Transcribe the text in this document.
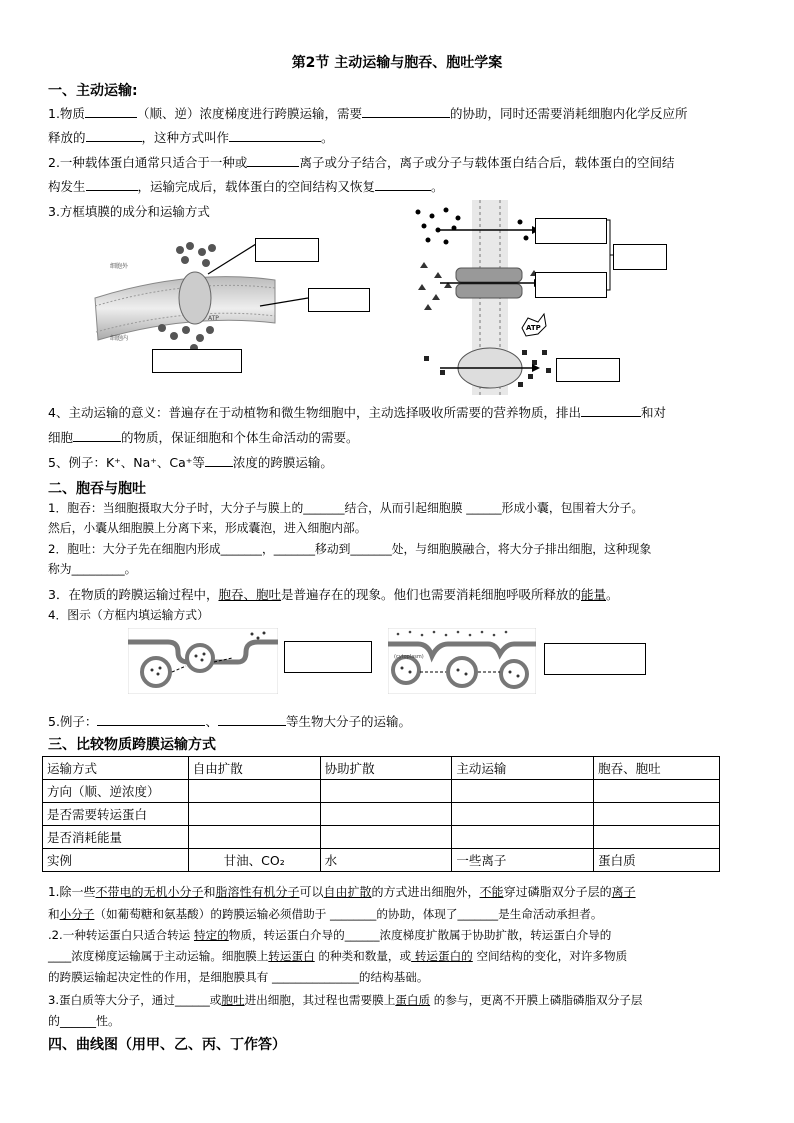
第2节 主动运输与胞吞、胞吐学案
一、主动运输:
1.物质	（顺、逆）浓度梯度进行跨膜运输，需要	的协助，同时还需要消耗细胞内化学反应所
释放的	，这种方式叫作	。
2.一种载体蛋白通常只适合于一种或	离子或分子结合，离子或分子与载体蛋白结合后，载体蛋白的空间结
构发生	，运输完成后，载体蛋白的空间结构又恢复	。
3.方框填膜的成分和运输方式
细胞外
细胞内
ATP
ATP
4、主动运输的意义：普遍存在于动植物和微生物细胞中，主动选择吸收所需要的营养物质，排出	和对
细胞	的物质，保证细胞和个体生命活动的需要。
5、例子：K⁺、Na⁺、Ca⁺等 浓度的跨膜运输。
二、胞吞与胞吐
1．胞吞：当细胞摄取大分子时，大分子与膜上的_______结合，从而引起细胞膜 ______形成小囊，包围着大分子。
然后，小囊从细胞膜上分离下来，形成囊泡，进入细胞内部。
2．胞吐：大分子先在细胞内形成_______，_______移动到_______处，与细胞膜融合，将大分子排出细胞，这种现象
称为_________。
3．在物质的跨膜运输过程中，胞吞、胞吐是普遍存在的现象。他们也需要消耗细胞呼吸所释放的能量。
4．图示（方框内填运输方式）
(cytoplasm)
5.例子：	、	等生物大分子的运输。
三、比较物质跨膜运输方式
运输方式	自由扩散	协助扩散	主动运输	胞吞、胞吐
方向（顺、逆浓度）				
是否需要转运蛋白				
是否消耗能量				
实例	甘油、CO₂	水	一些离子	蛋白质
1.除一些不带电的无机小分子和脂溶性有机分子可以自由扩散的方式进出细胞外，不能穿过磷脂双分子层的离子
和小分子（如葡萄糖和氨基酸）的跨膜运输必须借助于 ________的协助，体现了_______是生命活动承担者。
.2.一种转运蛋白只适合转运 特定的物质，转运蛋白介导的______浓度梯度扩散属于协助扩散，转运蛋白介导的
____浓度梯度运输属于主动运输。细胞膜上转运蛋白 的种类和数量，或 转运蛋白的 空间结构的变化，对许多物质
的跨膜运输起决定性的作用，是细胞膜具有 _______________的结构基础。
3.蛋白质等大分子，通过______或胞吐进出细胞，其过程也需要膜上蛋白质 的参与，更离不开膜上磷脂磷脂双分子层
的______性。
四、曲线图（用甲、乙、丙、丁作答）
